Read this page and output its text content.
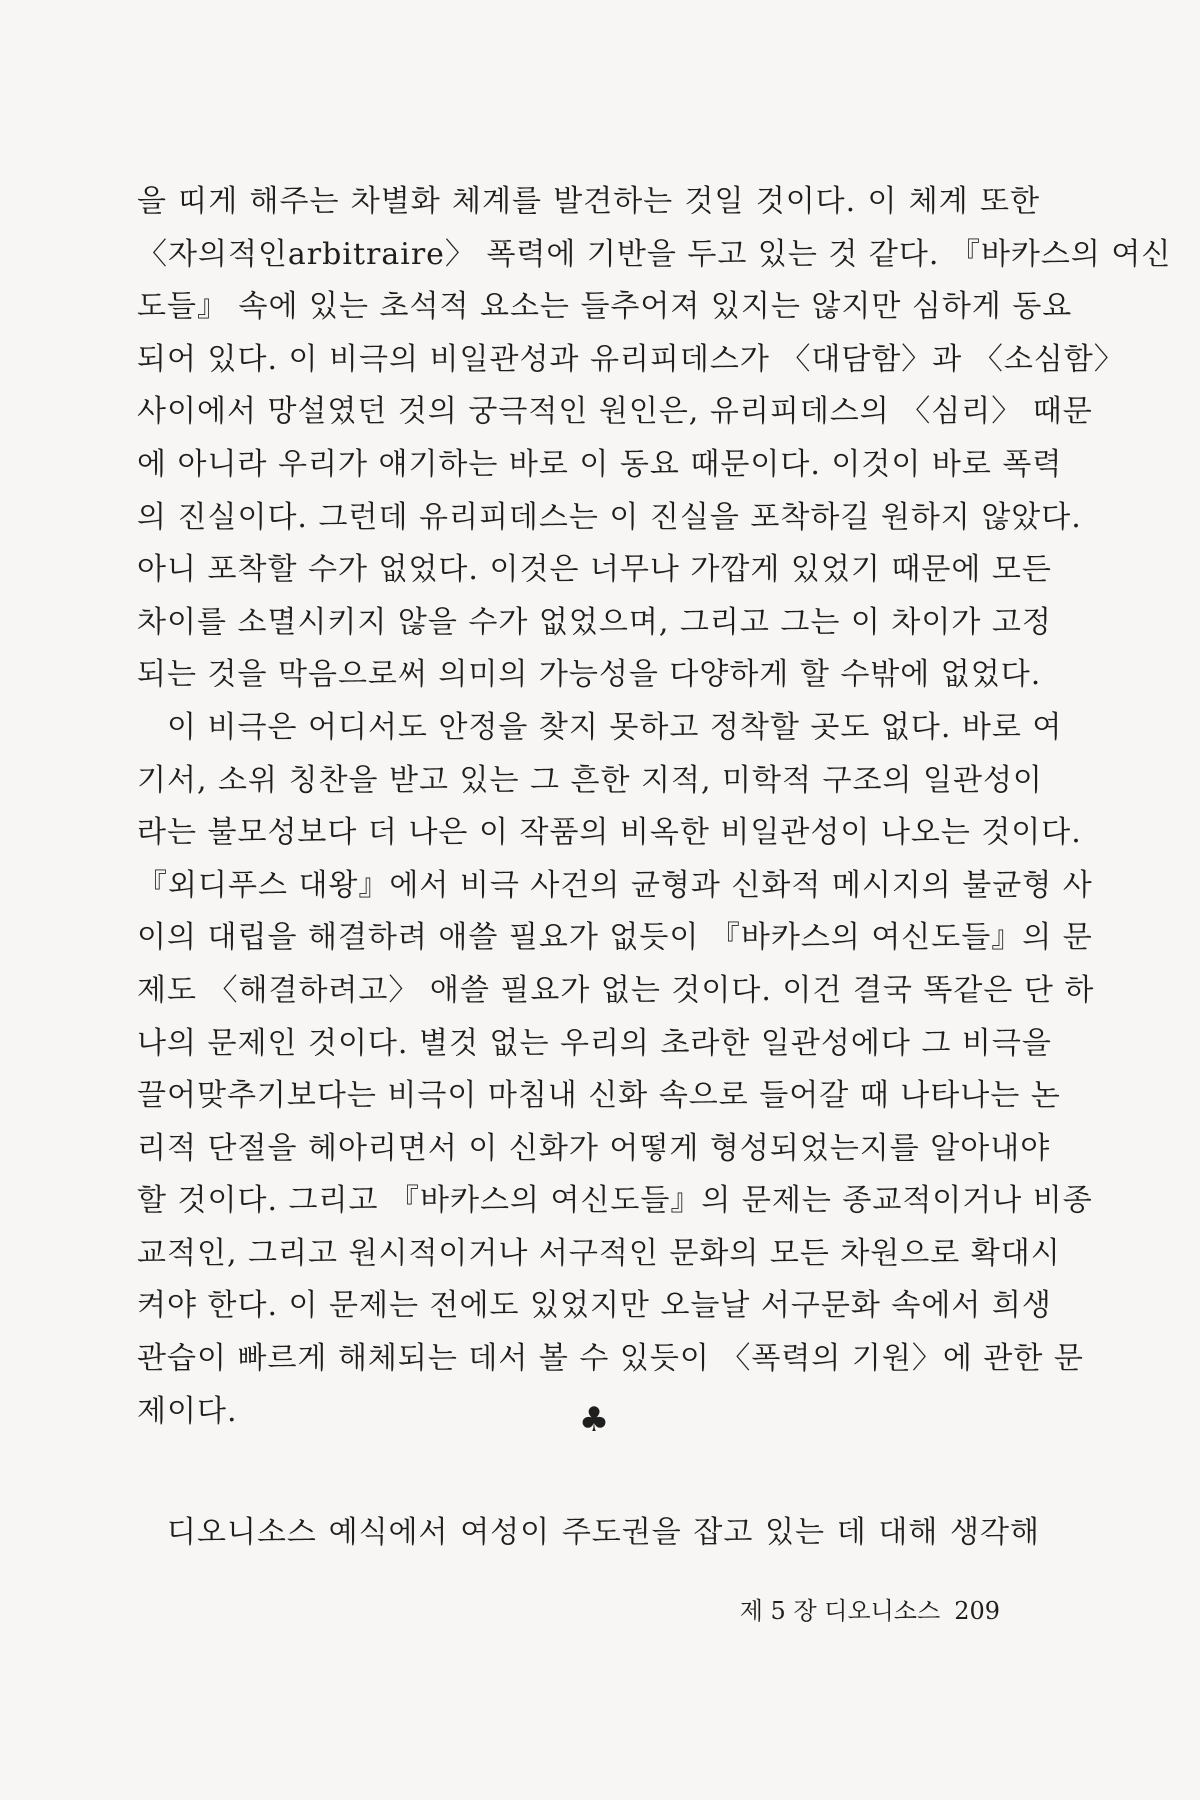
을 띠게 해주는 차별화 체계를 발견하는 것일 것이다. 이 체계 또한
〈자의적인arbitraire〉 폭력에 기반을 두고 있는 것 같다. 『바카스의 여신
도들』 속에 있는 초석적 요소는 들추어져 있지는 않지만 심하게 동요
되어 있다. 이 비극의 비일관성과 유리피데스가 〈대담함〉과 〈소심함〉
사이에서 망설였던 것의 궁극적인 원인은, 유리피데스의 〈심리〉 때문
에 아니라 우리가 얘기하는 바로 이 동요 때문이다. 이것이 바로 폭력
의 진실이다. 그런데 유리피데스는 이 진실을 포착하길 원하지 않았다.
아니 포착할 수가 없었다. 이것은 너무나 가깝게 있었기 때문에 모든
차이를 소멸시키지 않을 수가 없었으며, 그리고 그는 이 차이가 고정
되는 것을 막음으로써 의미의 가능성을 다양하게 할 수밖에 없었다.
이 비극은 어디서도 안정을 찾지 못하고 정착할 곳도 없다. 바로 여
기서, 소위 칭찬을 받고 있는 그 흔한 지적, 미학적 구조의 일관성이
라는 불모성보다 더 나은 이 작품의 비옥한 비일관성이 나오는 것이다.
『외디푸스 대왕』에서 비극 사건의 균형과 신화적 메시지의 불균형 사
이의 대립을 해결하려 애쓸 필요가 없듯이 『바카스의 여신도들』의 문
제도 〈해결하려고〉 애쓸 필요가 없는 것이다. 이건 결국 똑같은 단 하
나의 문제인 것이다. 별것 없는 우리의 초라한 일관성에다 그 비극을
끌어맞추기보다는 비극이 마침내 신화 속으로 들어갈 때 나타나는 논
리적 단절을 헤아리면서 이 신화가 어떻게 형성되었는지를 알아내야
할 것이다. 그리고 『바카스의 여신도들』의 문제는 종교적이거나 비종
교적인, 그리고 원시적이거나 서구적인 문화의 모든 차원으로 확대시
켜야 한다. 이 문제는 전에도 있었지만 오늘날 서구문화 속에서 희생
관습이 빠르게 해체되는 데서 볼 수 있듯이 〈폭력의 기원〉에 관한 문
제이다.	♣
디오니소스 예식에서 여성이 주도권을 잡고 있는 데 대해 생각해
제 5 장 디오니소스 209
